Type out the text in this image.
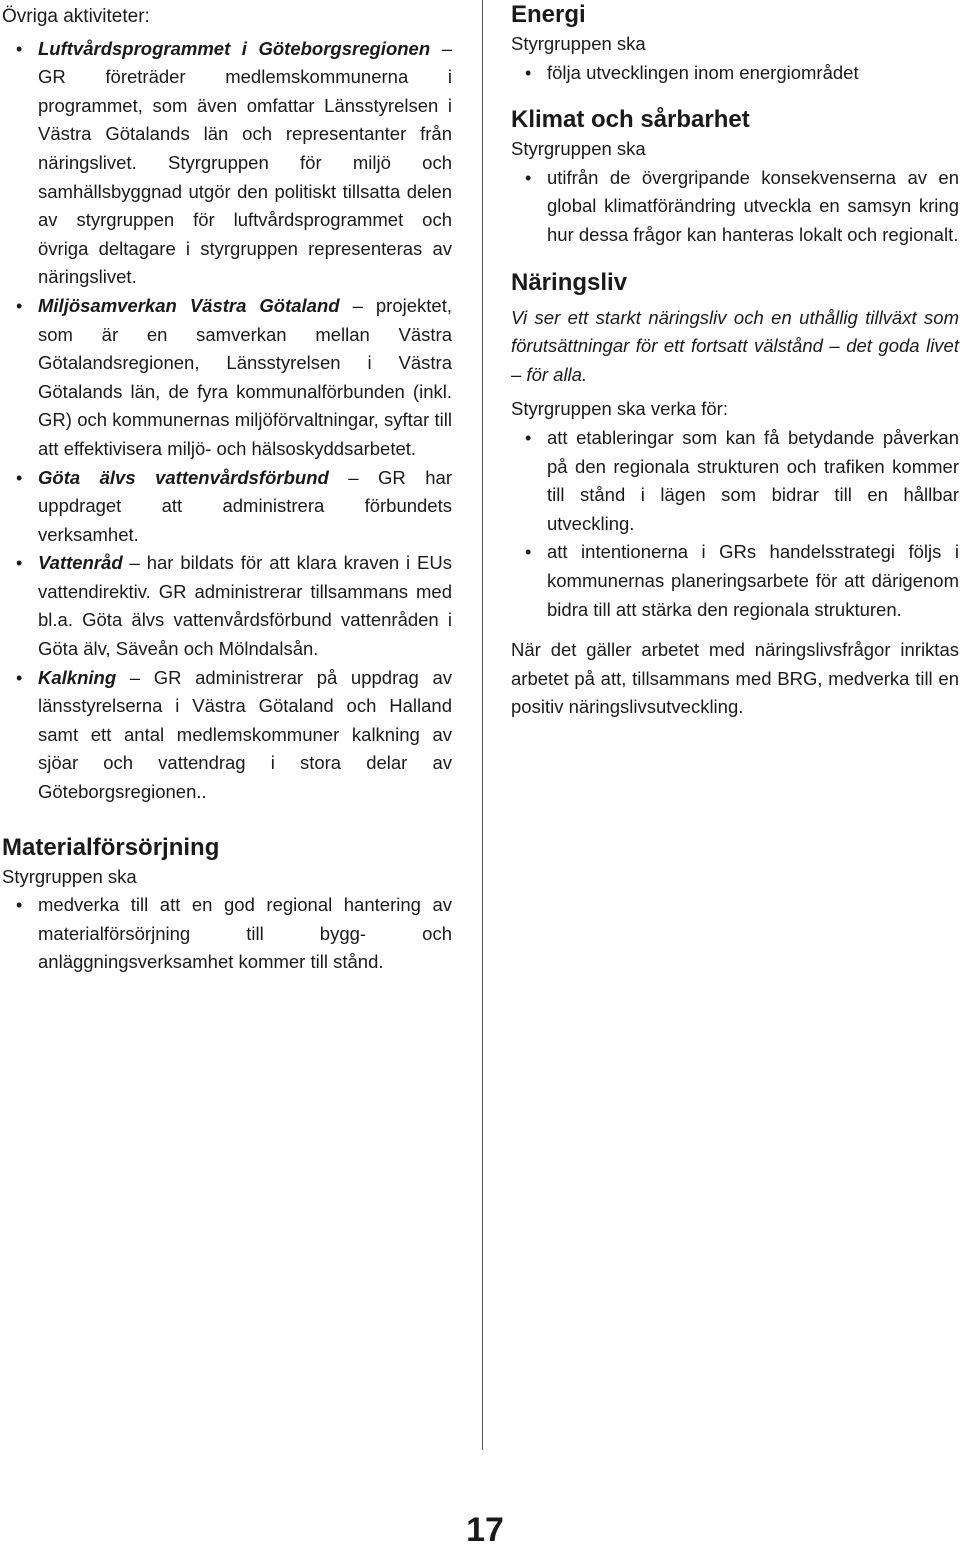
Övriga aktiviteter:

• Luftvårdsprogrammet i Göteborgsregionen – GR företräder medlemskommunerna i programmet, som även omfattar Länsstyrelsen i Västra Götalands län och representanter från näringslivet. Styrgruppen för miljö och samhällsbyggnad utgör den politiskt tillsatta delen av styrgruppen för luftvårdsprogrammet och övriga deltagare i styrgruppen representeras av näringslivet.
• Miljösamverkan Västra Götaland – projektet, som är en samverkan mellan Västra Götalandsregionen, Länsstyrelsen i Västra Götalands län, de fyra kommunalförbunden (inkl. GR) och kommunernas miljöförvaltningar, syftar till att effektivisera miljö- och hälsoskyddsarbetet.
• Göta älvs vattenvårdsförbund – GR har uppdraget att administrera förbundets verksamhet.
• Vattenråd – har bildats för att klara kraven i EUs vattendirektiv. GR administrerar tillsammans med bl.a. Göta älvs vattenvårdsförbund vattenråden i Göta älv, Säveån och Mölndalsån.
• Kalkning – GR administrerar på uppdrag av länsstyrelserna i Västra Götaland och Halland samt ett antal medlemskommuner kalkning av sjöar och vattendrag i stora delar av Göteborgsregionen..
Materialförsörjning

Styrgruppen ska

• medverka till att en god regional hantering av materialförsörjning till bygg- och anläggningsverksamhet kommer till stånd.
Energi

Styrgruppen ska

• följa utvecklingen inom energiområdet
Klimat och sårbarhet

Styrgruppen ska

• utifrån de övergripande konsekvenserna av en global klimatförändring utveckla en samsyn kring hur dessa frågor kan hanteras lokalt och regionalt.
Näringsliv

Vi ser ett starkt näringsliv och en uthållig tillväxt som förutsättningar för ett fortsatt välstånd – det goda livet – för alla.

Styrgruppen ska verka för:

• att etableringar som kan få betydande påverkan på den regionala strukturen och trafiken kommer till stånd i lägen som bidrar till en hållbar utveckling.
• att intentionerna i GRs handelsstrategi följs i kommunernas planeringsarbete för att därigenom bidra till att stärka den regionala strukturen.

När det gäller arbetet med näringslivsfrågor inriktas arbetet på att, tillsammans med BRG, medverka till en positiv näringslivsutveckling.

17
